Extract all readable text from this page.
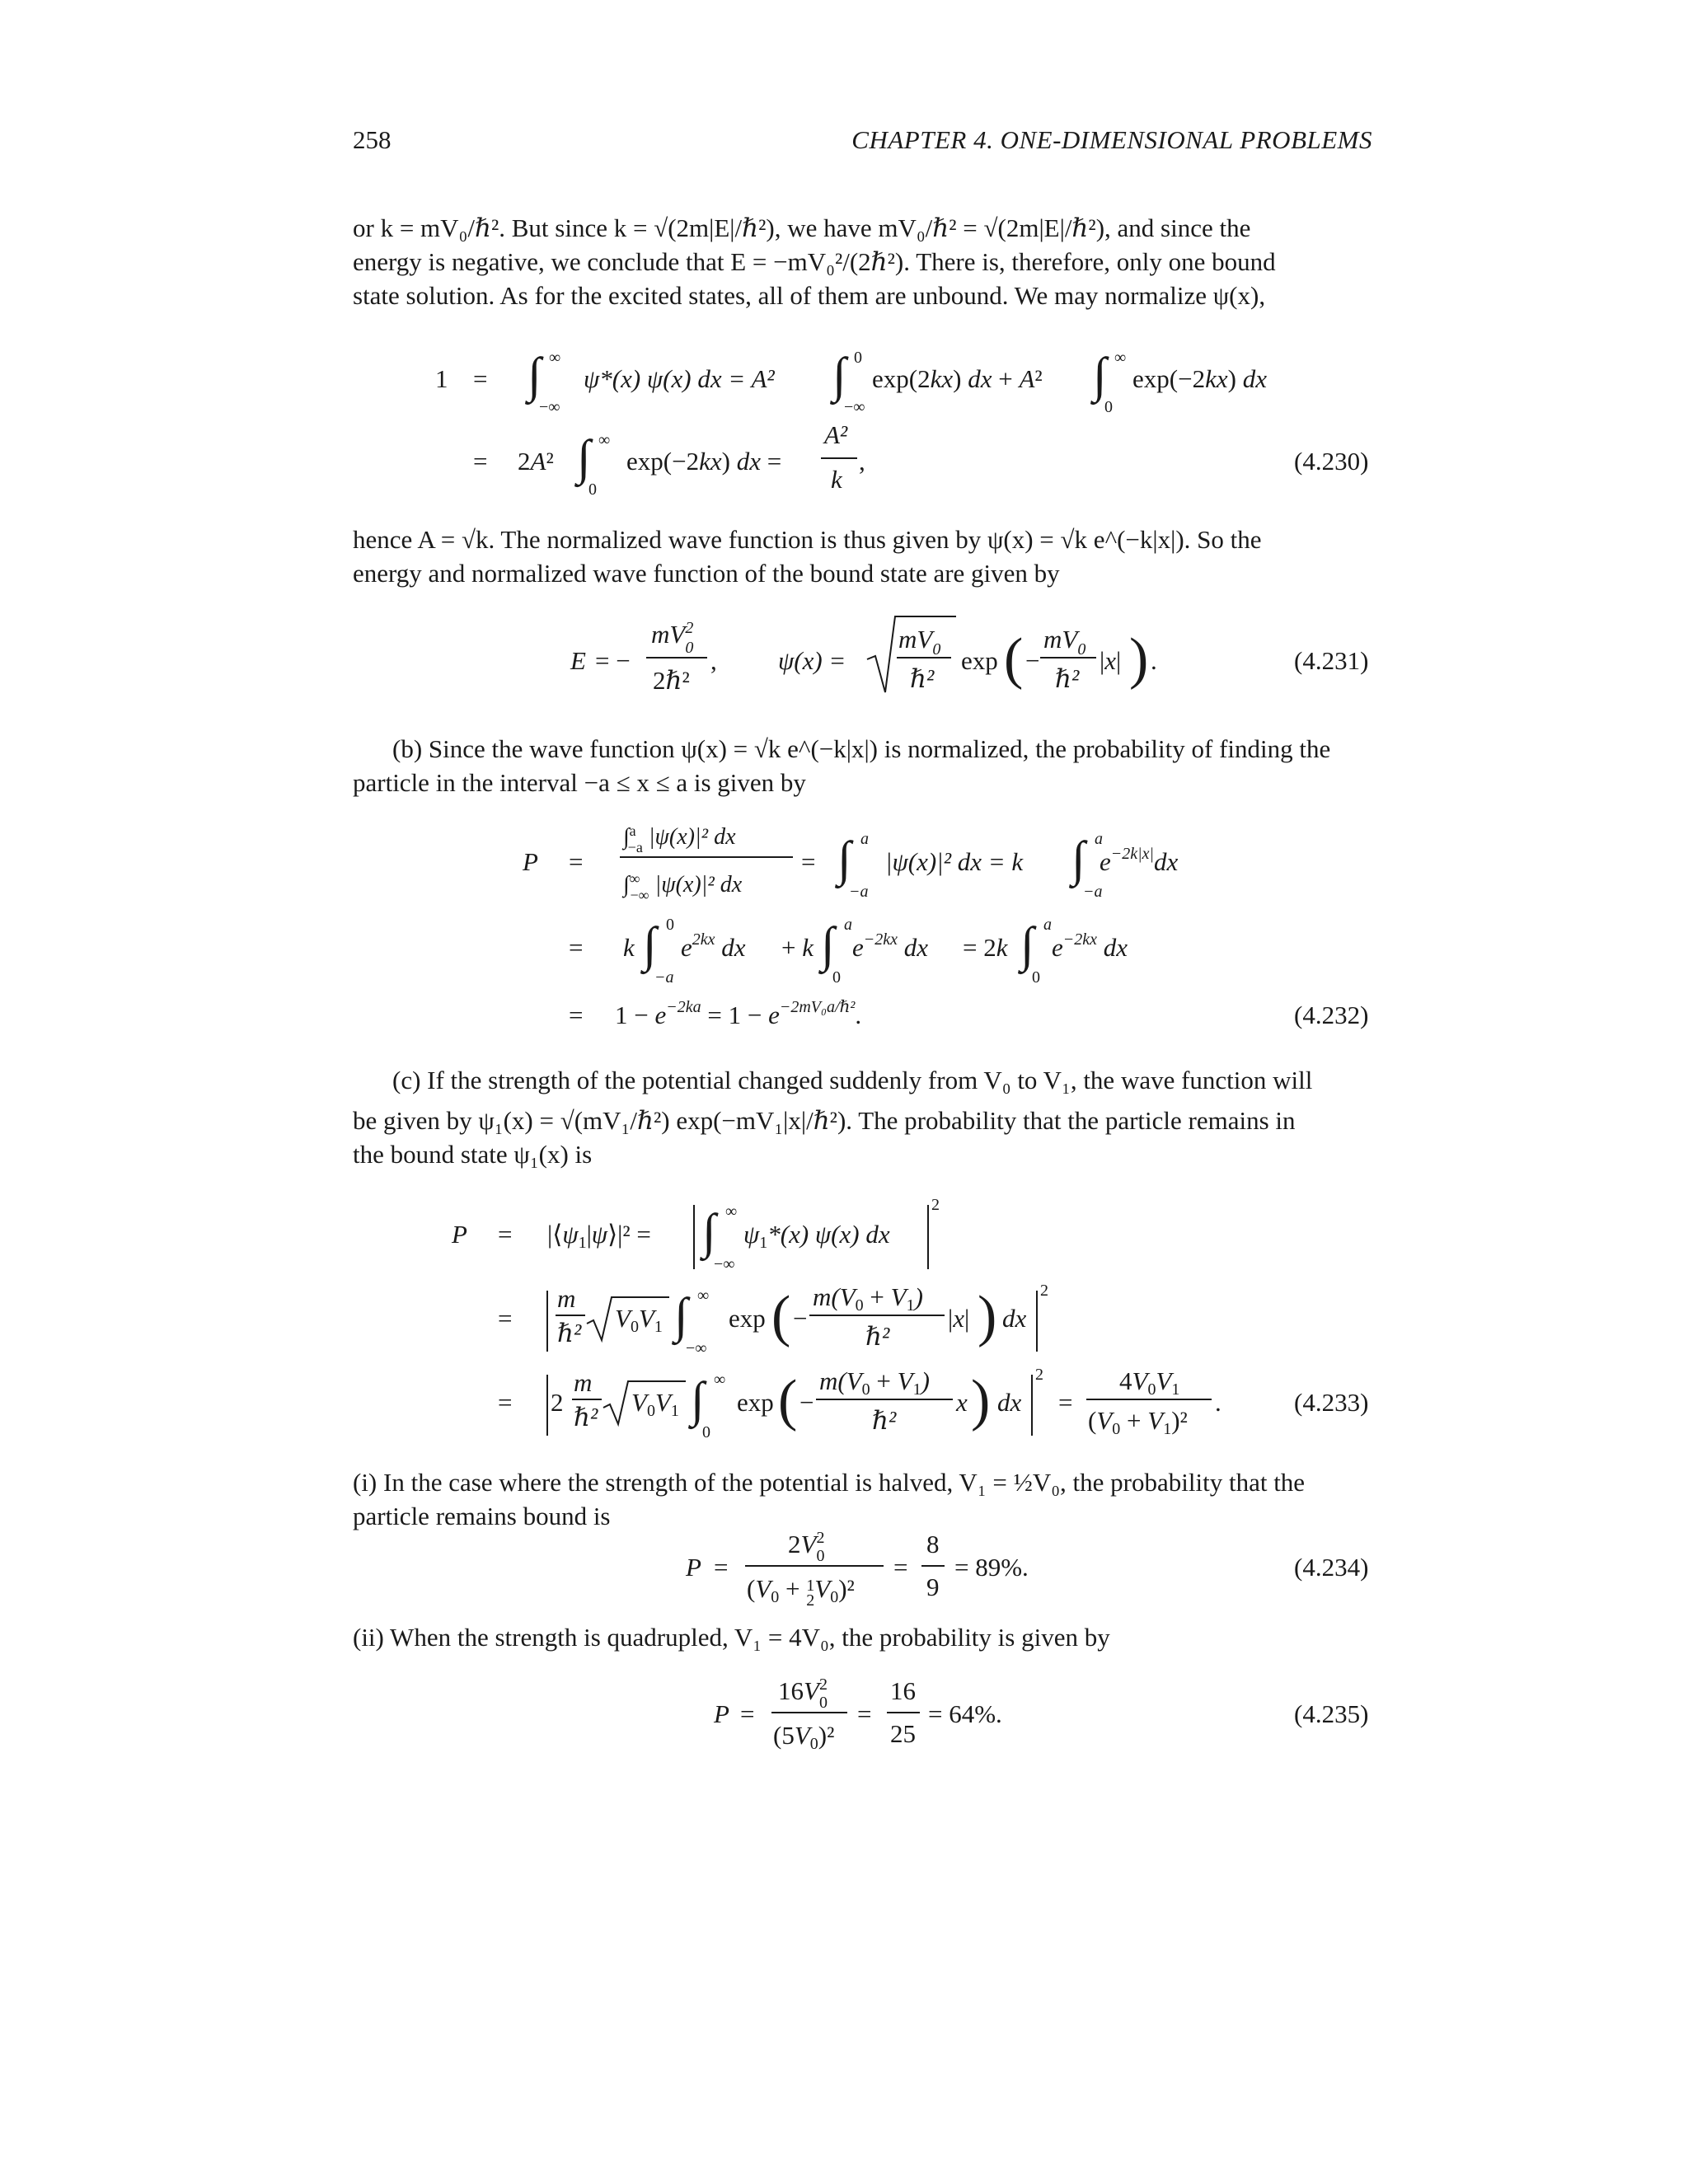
258	CHAPTER 4. ONE-DIMENSIONAL PROBLEMS
or k = mV₀/ℏ². But since k = √(2m|E|/ℏ²), we have mV₀/ℏ² = √(2m|E|/ℏ²), and since the
energy is negative, we conclude that E = −mV₀²/(2ℏ²). There is, therefore, only one bound
state solution. As for the excited states, all of them are unbound. We may normalize ψ(x),
hence A = √k. The normalized wave function is thus given by ψ(x) = √k e^(−k|x|). So the
energy and normalized wave function of the bound state are given by
(b) Since the wave function ψ(x) = √k e^(−k|x|) is normalized, the probability of finding the
particle in the interval −a ≤ x ≤ a is given by
(c) If the strength of the potential changed suddenly from V₀ to V₁, the wave function will
be given by ψ₁(x) = √(mV₁/ℏ²) exp(−mV₁|x|/ℏ²). The probability that the particle remains in
the bound state ψ₁(x) is
(i) In the case where the strength of the potential is halved, V₁ = ½V₀, the probability that the
particle remains bound is
(ii) When the strength is quadrupled, V₁ = 4V₀, the probability is given by
1 = ∫ ∞
−∞
ψ*(x) ψ(x) dx = A² ∫ 0
−∞
exp(2kx) dx + A² ∫ ∞
0
exp(−2kx) dx
= 2A² ∫ ∞
0
exp(−2kx) dx =
A²
k
,	(4.230)
E = −
$mV^2$ 0
2ℏ²
, ψ(x) =
$mV_0$
ℏ²
exp ( −
$mV_0$
ℏ²
|x| ) .	(4.231)
P =
∫$^a$ −a |ψ(x)|² dx
∫∞ −∞ |ψ(x)|² dx
= ∫ a
−a
|ψ(x)|² dx = k ∫ a
−a
$e^{-2k|x|}dx$
= k ∫ 0
−a
$e^{2kx}$ dx + k ∫ a
0
$e^{-2kx}$ dx = 2k ∫ a
0
$e^{-2kx}$ dx
= $1 - e^{-2ka} = 1 - e^{-2mV_0a/\hbar^2}$.	(4.232)
P = |⟨ψ1|ψ⟩|² = ∫ ∞
−∞
ψ1*(x) ψ(x) dx
2
=
m
ℏ²
V0V1 ∫ ∞
−∞
exp ( −
m(V0 + V1)
ℏ²
|x| ) dx
2
= 2
m
ℏ²
V0V1 ∫ ∞
0
exp ( −
m(V0 + V1)
ℏ²
x ) dx
2
=
4V0V1
(V0 + V1)²
.	(4.233)
P =
$2V^2$ 0
(V0 + $^1$ 2V0)²
=
8
9
= 89%.	(4.234)
P =
$16V^2$ 0
(5V0)²
=
16
25
= 64%.	(4.235)
